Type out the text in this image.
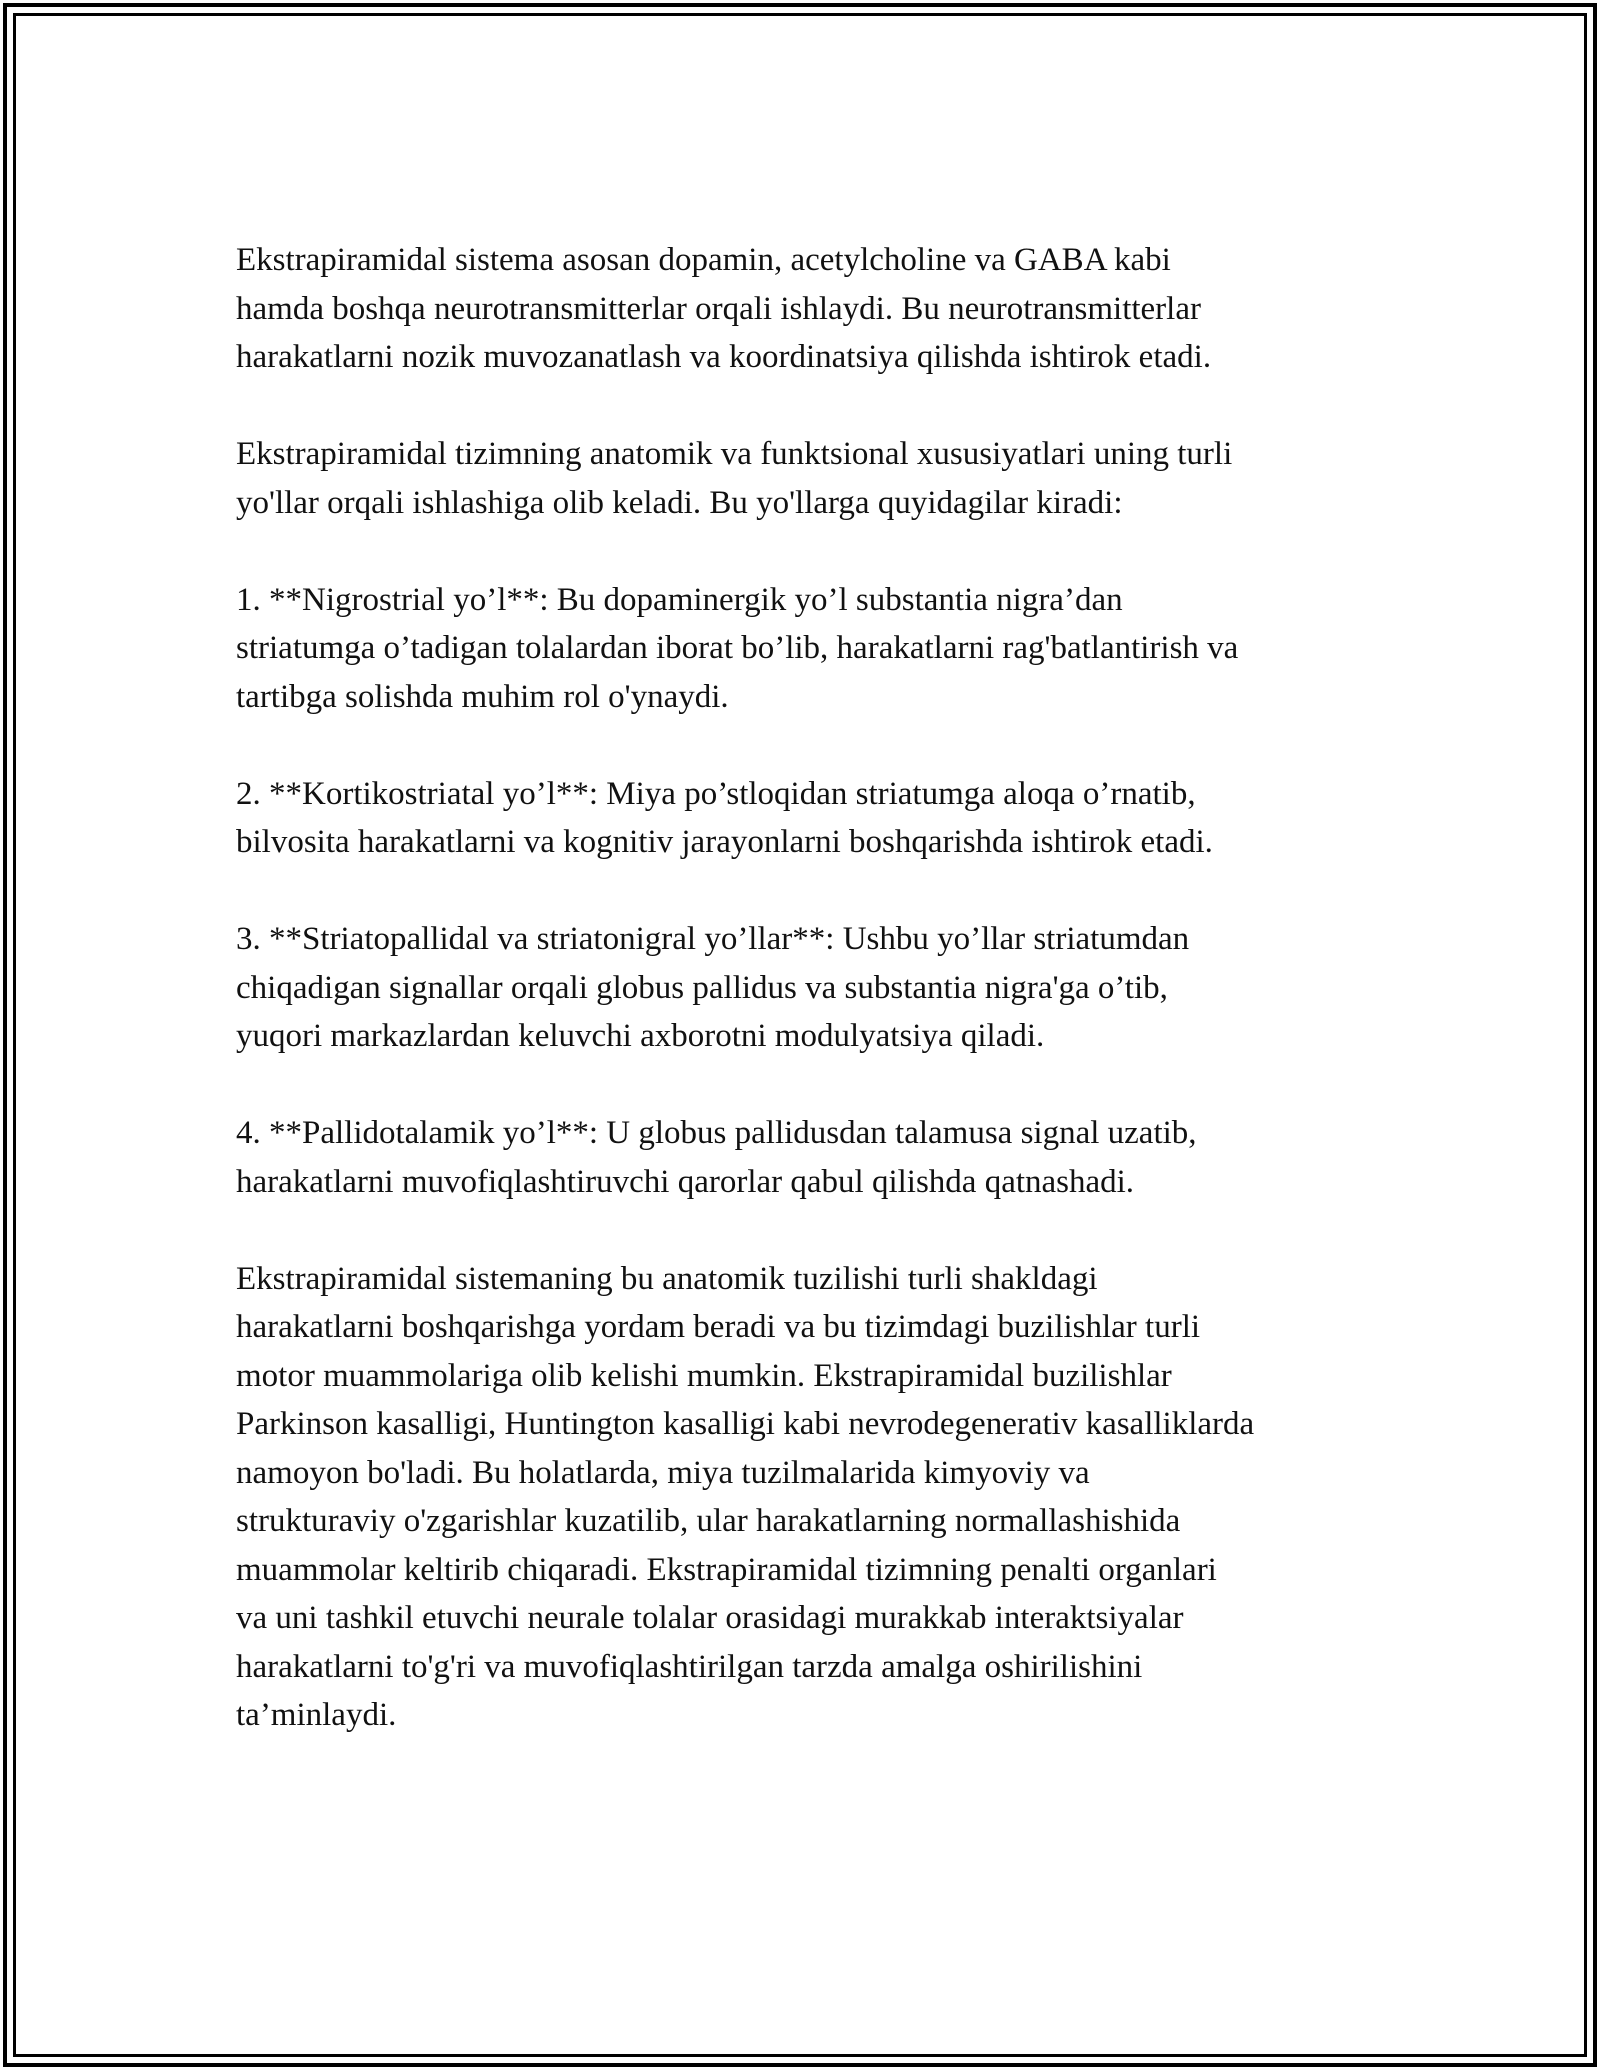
Ekstrapiramidal sistema asosan dopamin, acetylcholine va GABA kabi
hamda boshqa neurotransmitterlar orqali ishlaydi. Bu neurotransmitterlar
harakatlarni nozik muvozanatlash va koordinatsiya qilishda ishtirok etadi.

Ekstrapiramidal tizimning anatomik va funktsional xususiyatlari uning turli
yo'llar orqali ishlashiga olib keladi. Bu yo'llarga quyidagilar kiradi:

1. **Nigrostrial yo’l**: Bu dopaminergik yo’l substantia nigra’dan
striatumga o’tadigan tolalardan iborat bo’lib, harakatlarni rag'batlantirish va
tartibga solishda muhim rol o'ynaydi.

2. **Kortikostriatal yo’l**: Miya po’stloqidan striatumga aloqa o’rnatib,
bilvosita harakatlarni va kognitiv jarayonlarni boshqarishda ishtirok etadi.

3. **Striatopallidal va striatonigral yo’llar**: Ushbu yo’llar striatumdan
chiqadigan signallar orqali globus pallidus va substantia nigra'ga o’tib,
yuqori markazlardan keluvchi axborotni modulyatsiya qiladi.

4. **Pallidotalamik yo’l**: U globus pallidusdan talamusa signal uzatib,
harakatlarni muvofiqlashtiruvchi qarorlar qabul qilishda qatnashadi.

Ekstrapiramidal sistemaning bu anatomik tuzilishi turli shakldagi
harakatlarni boshqarishga yordam beradi va bu tizimdagi buzilishlar turli
motor muammolariga olib kelishi mumkin. Ekstrapiramidal buzilishlar
Parkinson kasalligi, Huntington kasalligi kabi nevrodegenerativ kasalliklarda
namoyon bo'ladi. Bu holatlarda, miya tuzilmalarida kimyoviy va
strukturaviy o'zgarishlar kuzatilib, ular harakatlarning normallashishida
muammolar keltirib chiqaradi. Ekstrapiramidal tizimning penalti organlari
va uni tashkil etuvchi neurale tolalar orasidagi murakkab interaktsiyalar
harakatlarni to'g'ri va muvofiqlashtirilgan tarzda amalga oshirilishini
ta’minlaydi.
